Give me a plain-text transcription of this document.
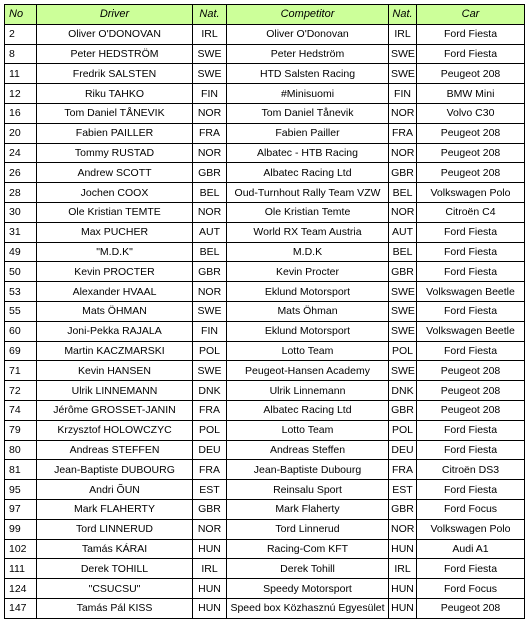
No	Driver	Nat.	Competitor	Nat.	Car
2	Oliver O'DONOVAN	IRL	Oliver O'Donovan	IRL	Ford Fiesta
8	Peter HEDSTRÖM	SWE	Peter Hedström	SWE	Ford Fiesta
11	Fredrik SALSTEN	SWE	HTD Salsten Racing	SWE	Peugeot 208
12	Riku TAHKO	FIN	#Minisuomi	FIN	BMW Mini
16	Tom Daniel TÅNEVIK	NOR	Tom Daniel Tånevik	NOR	Volvo C30
20	Fabien PAILLER	FRA	Fabien Pailler	FRA	Peugeot 208
24	Tommy RUSTAD	NOR	Albatec - HTB Racing	NOR	Peugeot 208
26	Andrew SCOTT	GBR	Albatec Racing Ltd	GBR	Peugeot 208
28	Jochen COOX	BEL	Oud-Turnhout Rally Team VZW	BEL	Volkswagen Polo
30	Ole Kristian TEMTE	NOR	Ole Kristian Temte	NOR	Citroën C4
31	Max PUCHER	AUT	World RX Team Austria	AUT	Ford Fiesta
49	"M.D.K"	BEL	M.D.K	BEL	Ford Fiesta
50	Kevin PROCTER	GBR	Kevin Procter	GBR	Ford Fiesta
53	Alexander HVAAL	NOR	Eklund Motorsport	SWE	Volkswagen Beetle
55	Mats ÖHMAN	SWE	Mats Öhman	SWE	Ford Fiesta
60	Joni-Pekka RAJALA	FIN	Eklund Motorsport	SWE	Volkswagen Beetle
69	Martin KACZMARSKI	POL	Lotto Team	POL	Ford Fiesta
71	Kevin HANSEN	SWE	Peugeot-Hansen Academy	SWE	Peugeot 208
72	Ulrik LINNEMANN	DNK	Ulrik Linnemann	DNK	Peugeot 208
74	Jérôme GROSSET-JANIN	FRA	Albatec Racing Ltd	GBR	Peugeot 208
79	Krzysztof HOLOWCZYC	POL	Lotto Team	POL	Ford Fiesta
80	Andreas STEFFEN	DEU	Andreas Steffen	DEU	Ford Fiesta
81	Jean-Baptiste DUBOURG	FRA	Jean-Baptiste Dubourg	FRA	Citroën DS3
95	Andri ÕUN	EST	Reinsalu Sport	EST	Ford Fiesta
97	Mark FLAHERTY	GBR	Mark Flaherty	GBR	Ford Focus
99	Tord LINNERUD	NOR	Tord Linnerud	NOR	Volkswagen Polo
102	Tamás KÁRAI	HUN	Racing-Com KFT	HUN	Audi A1
111	Derek TOHILL	IRL	Derek Tohill	IRL	Ford Fiesta
124	"CSUCSU"	HUN	Speedy Motorsport	HUN	Ford Focus
147	Tamás Pál KISS	HUN	Speed box Közhasznú Egyesület	HUN	Peugeot 208
